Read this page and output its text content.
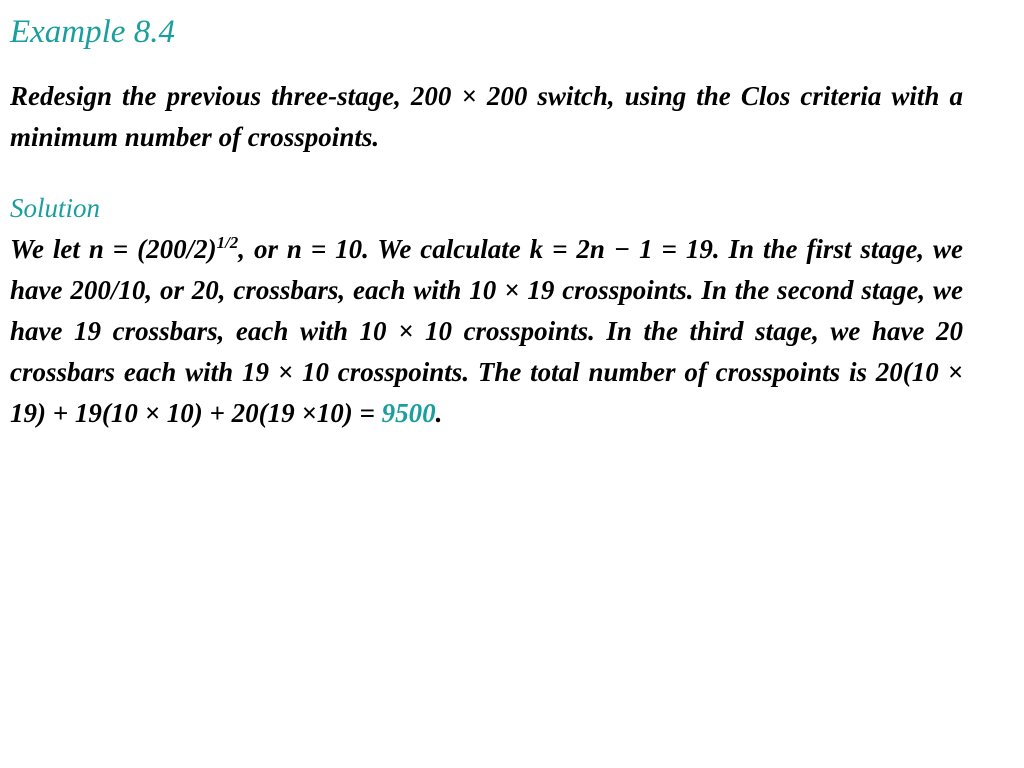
Example 8.4

Redesign the previous three-stage, 200 × 200 switch, using the Clos criteria with a minimum number of crosspoints.

Solution

We let $n = (200/2)^{1/2}$, or n = 10. We calculate k = 2n − 1 = 19. In the first stage, we have 200/10, or 20, crossbars, each with 10 × 19 crosspoints. In the second stage, we have 19 crossbars, each with 10 × 10 crosspoints. In the third stage, we have 20 crossbars each with 19 × 10 crosspoints. The total number of crosspoints is 20(10 × 19) + 19(10 × 10) + 20(19 ×10) = 9500.
